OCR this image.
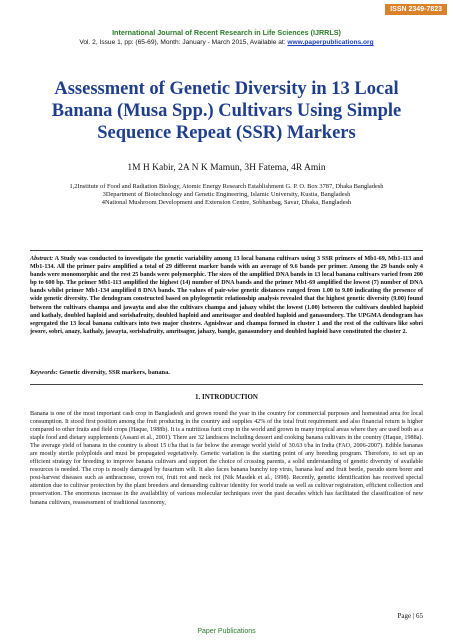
ISSN 2349-7823
International Journal of Recent Research in Life Sciences (IJRRLS)
Vol. 2, Issue 1, pp: (65-69), Month: January - March 2015, Available at: www.paperpublications.org
Assessment of Genetic Diversity in 13 Local Banana (Musa Spp.) Cultivars Using Simple Sequence Repeat (SSR) Markers
1M H Kabir, 2A N K Mamun, 3H Fatema, 4R Amin
1,2Institute of Food and Radiation Biology, Atomic Energy Research Establishment G. P. O. Box 3787, Dhaka Bangladesh
3Department of Biotechnology and Genetic Engineering, Islamic University, Kustia, Bangladesh
4National Mushroom Development and Extension Centre, Sobhanbag, Savar, Dhaka, Bangladesh
Abstract: A Study was conducted to investigate the genetic variability among 13 local banana cultivars using 3 SSR primers of Mb1-69, Mb1-113 and Mb1-134. All the primer pairs amplified a total of 29 different marker bands with an average of 9.6 bands per primer. Among the 29 bands only 4 bands were monomorphic and the rest 25 bands were polymorphic. The sizes of the amplified DNA bands in 13 local banana cultivars varied from 200 bp to 600 bp. The primer Mb1-113 amplified the highest (14) number of DNA bands and the primer Mb1-69 amplified the lowest (7) number of DNA bands whilst primer Mb1-134 amplified 8 DNA bands. The values of pair-wise genetic distances ranged from 1.00 to 9.00 indicating the presence of wide genetic diversity. The dendogram constructed based on phylogenetic relationship analysis revealed that the highest genetic diversity (9.00) found between the cultivars champa and jawayta and also the cultivars champa and jahazy whilst the lowest (1.00) between the cultivars doubled haploid and kathaly, doubled haploid and sorishafruity, doubled haploid and amritsagor and doubled haploid and ganasundory. The UPGMA dendogram has segregated the 13 local banana cultivars into two major clusters. Agnishwar and champa formed in cluster 1 and the rest of the cultivars like sobri jesore, sobri, anazy, kathaly, jawayta, sorishafruity, amritsagor, jahazy, bangle, ganasundory and doubled haploid have constituted the cluster 2.
Keywords: Genetic diversity, SSR markers, banana.
1. INTRODUCTION
Banana is one of the most important cash crop in Bangladesh and grown round the year in the country for commercial purposes and homestead area for local consumption. It stood first position among the fruit producing in the country and supplies 42% of the total fruit requirement and also financial return is higher compared to other fruits and field crops (Haque, 1988b). It is a nutritious furit crop in the world and grown in many tropical areas where they are used both as a staple food and dietary supplements (Assani et al., 2001). There are 32 landraces including dessert and cooking banana cultivars in the country (Haque, 1988a). The average yield of banana in the country is about 15 t/ha that is far below the average world yield of 30.63 t/ha in India (FAO, 2006-2007). Edible bananas are mostly sterile polyploids and must be propagated vegetatively. Genetic variation is the starting point of any breeding program. Therefore, to set up an efficient strategy for breeding to improve banana cultivars and support the choice of crossing parents, a solid understanding of genetic diversity of available resources is needed. The crop is mostly damaged by fusarium wilt. It also faces banana bunchy top virus, banana leaf and fruit beetle, pseudo stem borer and post-harvest diseases such as anthracnose, crown rot, fruit rot and neck rot (Nik Masdek et al., 1998). Recently, genetic identification has received special attention due to cultivar protection by the plant breeders and demanding cultivar identity for world trade as well as cultivar registration, efficient collection and preservation. The enormous increase in the availability of various molecular techniques over the past decades which has facilitated the classification of new banana cultivars, reassessment of traditional taxonomy,
Page | 65
Paper Publications
